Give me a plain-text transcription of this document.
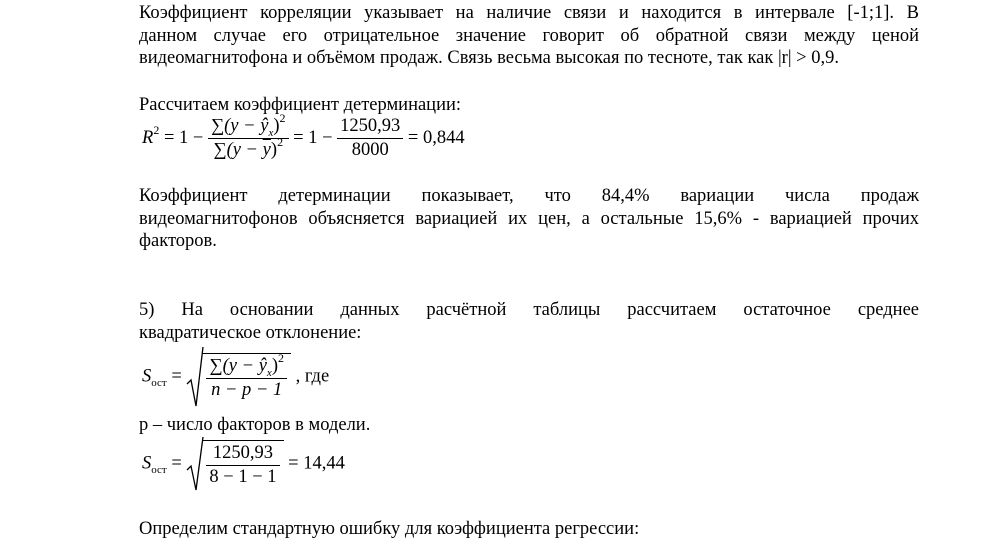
Коэффициент корреляции указывает на наличие связи и находится в интервале [-1;1]. В
данном случае его отрицательное значение говорит об обратной связи между ценой
видеомагнитофона и объёмом продаж. Связь весьма высокая по тесноте, так как |r| > 0,9.
Рассчитаем коэффициент детерминации:
$R^2 = 1 - \frac{\sum(y - ŷ_x)^2}{\sum(y - \overline{y})^2} = 1 - \frac{1250,93}{8000} = 0,844$
Коэффициент детерминации показывает, что 84,4% вариации числа продаж
видеомагнитофонов объясняется вариацией их цен, а остальные 15,6% - вариацией прочих
факторов.
5) На основании данных расчётной таблицы рассчитаем остаточное среднее
квадратическое отклонение:
$S_{ост} = \frac{\sum(y - ŷ_x)^2}{n - p - 1}$ , где
p – число факторов в модели.
$S_{ост} = \frac{1250,93}{8 - 1 - 1} = 14,44$
Определим стандартную ошибку для коэффициента регрессии:
